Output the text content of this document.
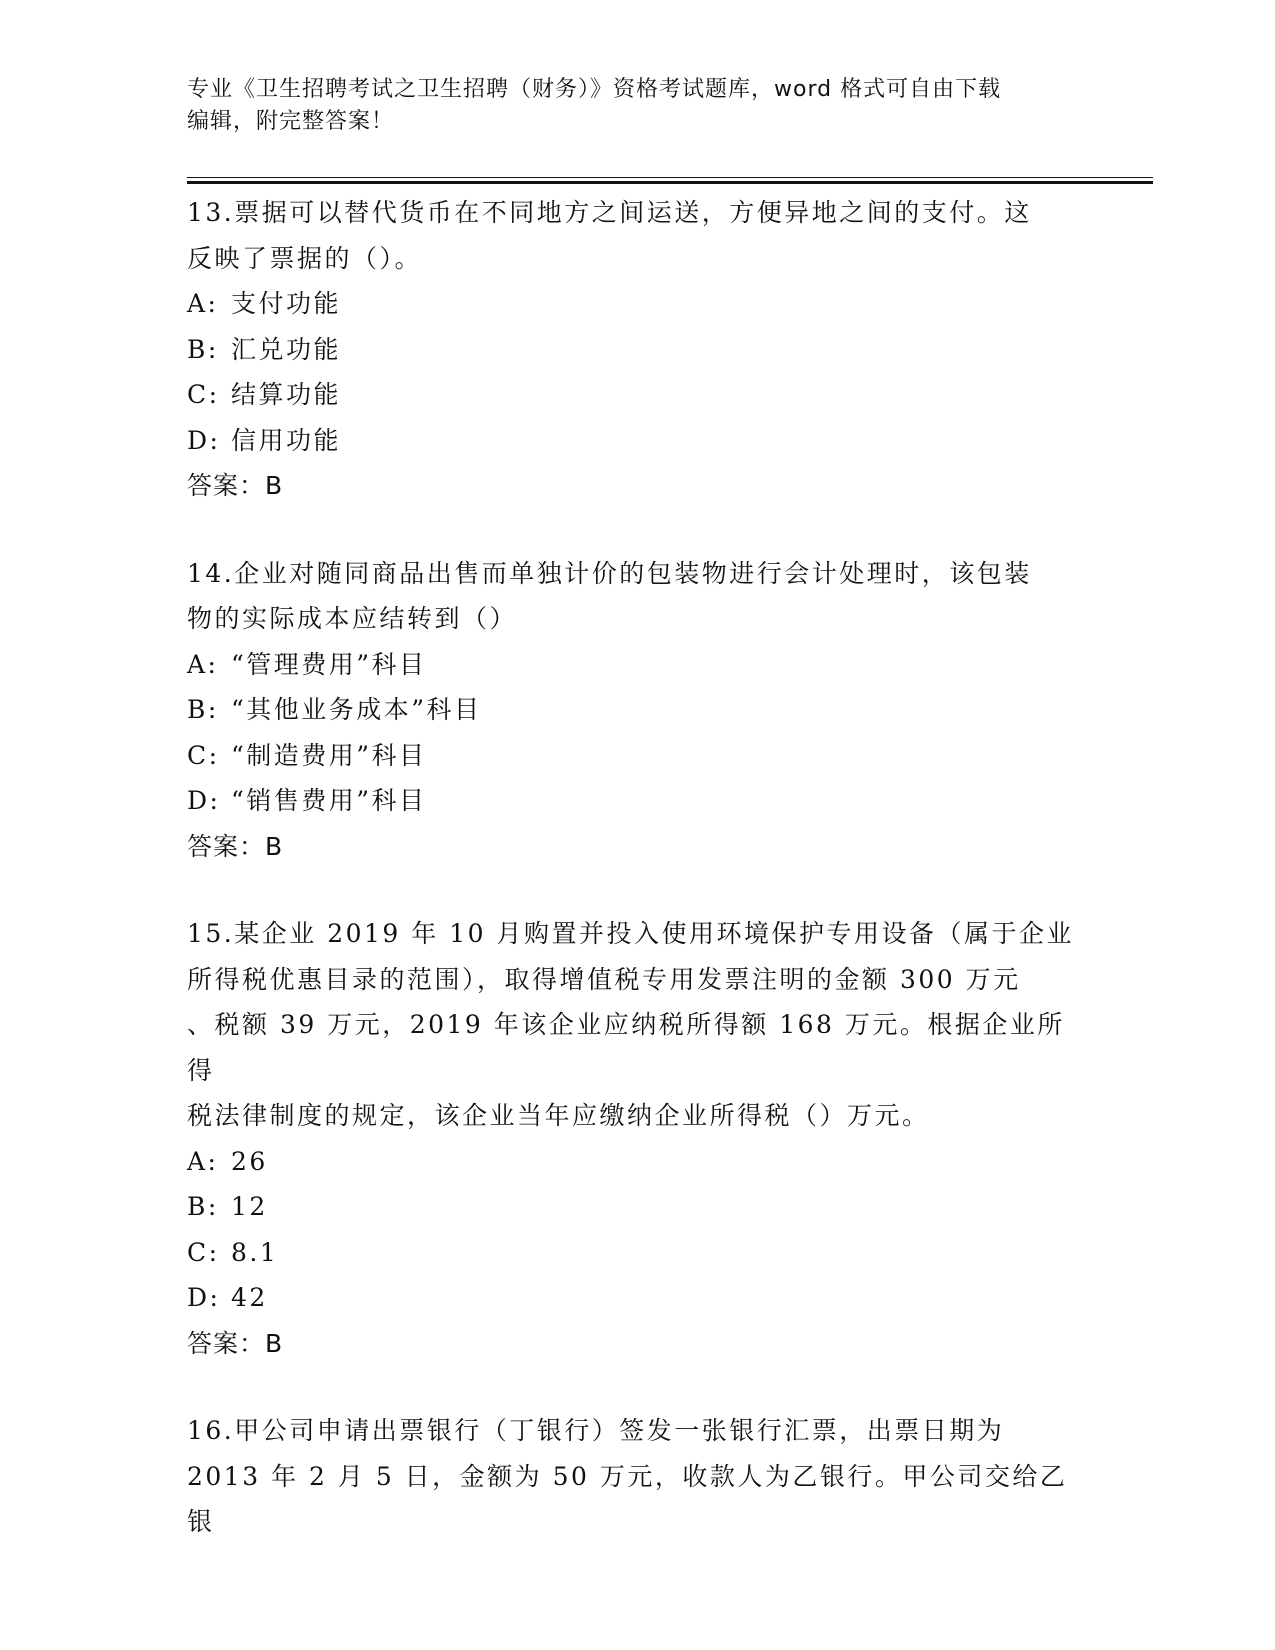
专业《卫生招聘考试之卫生招聘（财务）》资格考试题库，word 格式可自由下载
编辑，附完整答案！
13.票据可以替代货币在不同地方之间运送，方便异地之间的支付。这
反映了票据的（）。
A: 支付功能
B: 汇兑功能
C: 结算功能
D: 信用功能
答案：B
14.企业对随同商品出售而单独计价的包装物进行会计处理时，该包装
物的实际成本应结转到（）
A: “管理费用”科目
B: “其他业务成本”科目
C: “制造费用”科目
D: “销售费用”科目
答案：B
15.某企业 2019 年 10 月购置并投入使用环境保护专用设备（属于企业
所得税优惠目录的范围），取得增值税专用发票注明的金额 300 万元
、税额 39 万元，2019 年该企业应纳税所得额 168 万元。根据企业所得
税法律制度的规定，该企业当年应缴纳企业所得税（）万元。
A: 26
B: 12
C: 8.1
D: 42
答案：B
16.甲公司申请出票银行（丁银行）签发一张银行汇票，出票日期为
2013 年 2 月 5 日，金额为 50 万元，收款人为乙银行。甲公司交给乙银
